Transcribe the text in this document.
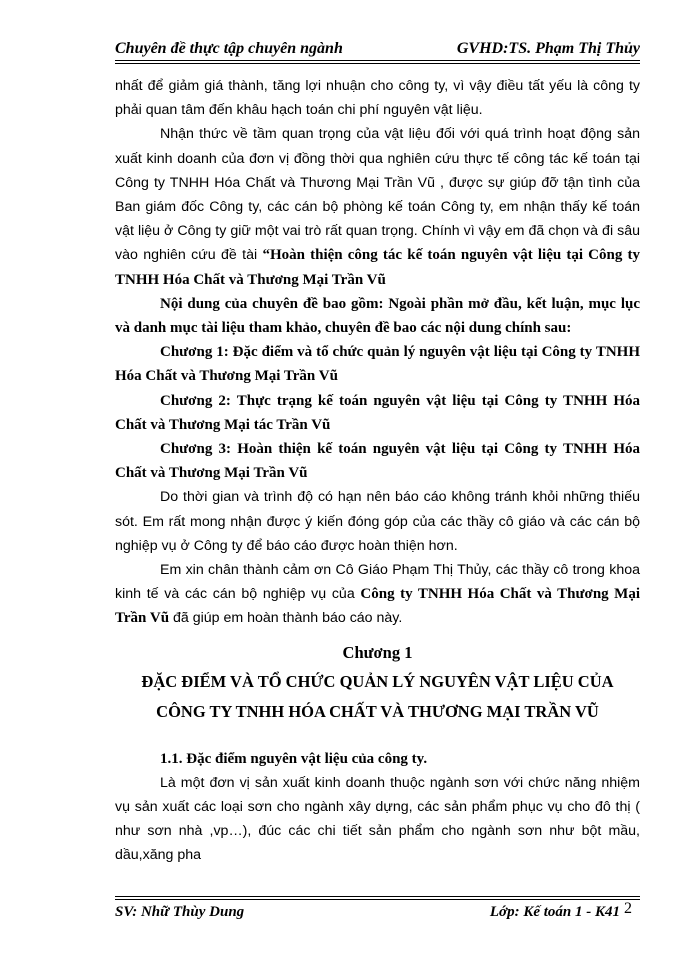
Chuyên đề thực tập chuyên ngành	GVHD:TS. Phạm Thị Thủy

nhất để giảm giá thành, tăng lợi nhuận cho công ty, vì vậy điều tất yếu là công ty phải quan tâm đến khâu hạch toán chi phí nguyên vật liệu.

Nhận thức về tầm quan trọng của vật liệu đối với quá trình hoạt động sản xuất kinh doanh của đơn vị đồng thời qua nghiên cứu thực tế công tác kế toán tại Công ty TNHH Hóa Chất và Thương Mại Trần Vũ , được sự giúp đỡ tận tình của Ban giám đốc Công ty, các cán bộ phòng kế toán Công ty, em nhận thấy kế toán vật liệu ở Công ty giữ một vai trò rất quan trọng. Chính vì vậy em đã chọn và đi sâu vào nghiên cứu đề tài “Hoàn thiện công tác kế toán nguyên vật liệu tại Công ty TNHH Hóa Chất và Thương Mại Trần Vũ

Nội dung của chuyên đề bao gồm: Ngoài phần mở đầu, kết luận, mục lục và danh mục tài liệu tham khảo, chuyên đề bao các nội dung chính sau:

Chương 1: Đặc điểm và tổ chức quản lý nguyên vật liệu tại Công ty TNHH Hóa Chất và Thương Mại Trần Vũ

Chương 2: Thực trạng kế toán nguyên vật liệu tại Công ty TNHH Hóa Chất và Thương Mại tác Trần Vũ

Chương 3: Hoàn thiện kế toán nguyên vật liệu tại Công ty TNHH Hóa Chất và Thương Mại Trần Vũ

Do thời gian và trình độ có hạn nên báo cáo không tránh khỏi những thiếu sót. Em rất mong nhận được ý kiến đóng góp của các thầy cô giáo và các cán bộ nghiệp vụ ở Công ty để báo cáo được hoàn thiện hơn.

Em xin chân thành cảm ơn Cô Giáo Phạm Thị Thủy, các thầy cô trong khoa kinh tế và các cán bộ nghiệp vụ của Công ty TNHH Hóa Chất và Thương Mại Trần Vũ đã giúp em hoàn thành báo cáo này.

Chương 1
ĐẶC ĐIỂM VÀ TỔ CHỨC QUẢN LÝ NGUYÊN VẬT LIỆU CỦA
CÔNG TY TNHH HÓA CHẤT VÀ THƯƠNG MẠI TRẦN VŨ
1.1. Đặc điểm nguyên vật liệu của công ty.

Là một đơn vị sản xuất kinh doanh thuộc ngành sơn với chức năng nhiệm vụ sản xuất các loại sơn cho ngành xây dựng, các sản phẩm phục vụ cho đô thị ( như sơn nhà ,vp…), đúc các chi tiết sản phẩm cho ngành sơn như bột mầu, dầu,xăng pha

SV: Nhữ Thùy Dung	Lớp: Kế toán 1 - K41 2
